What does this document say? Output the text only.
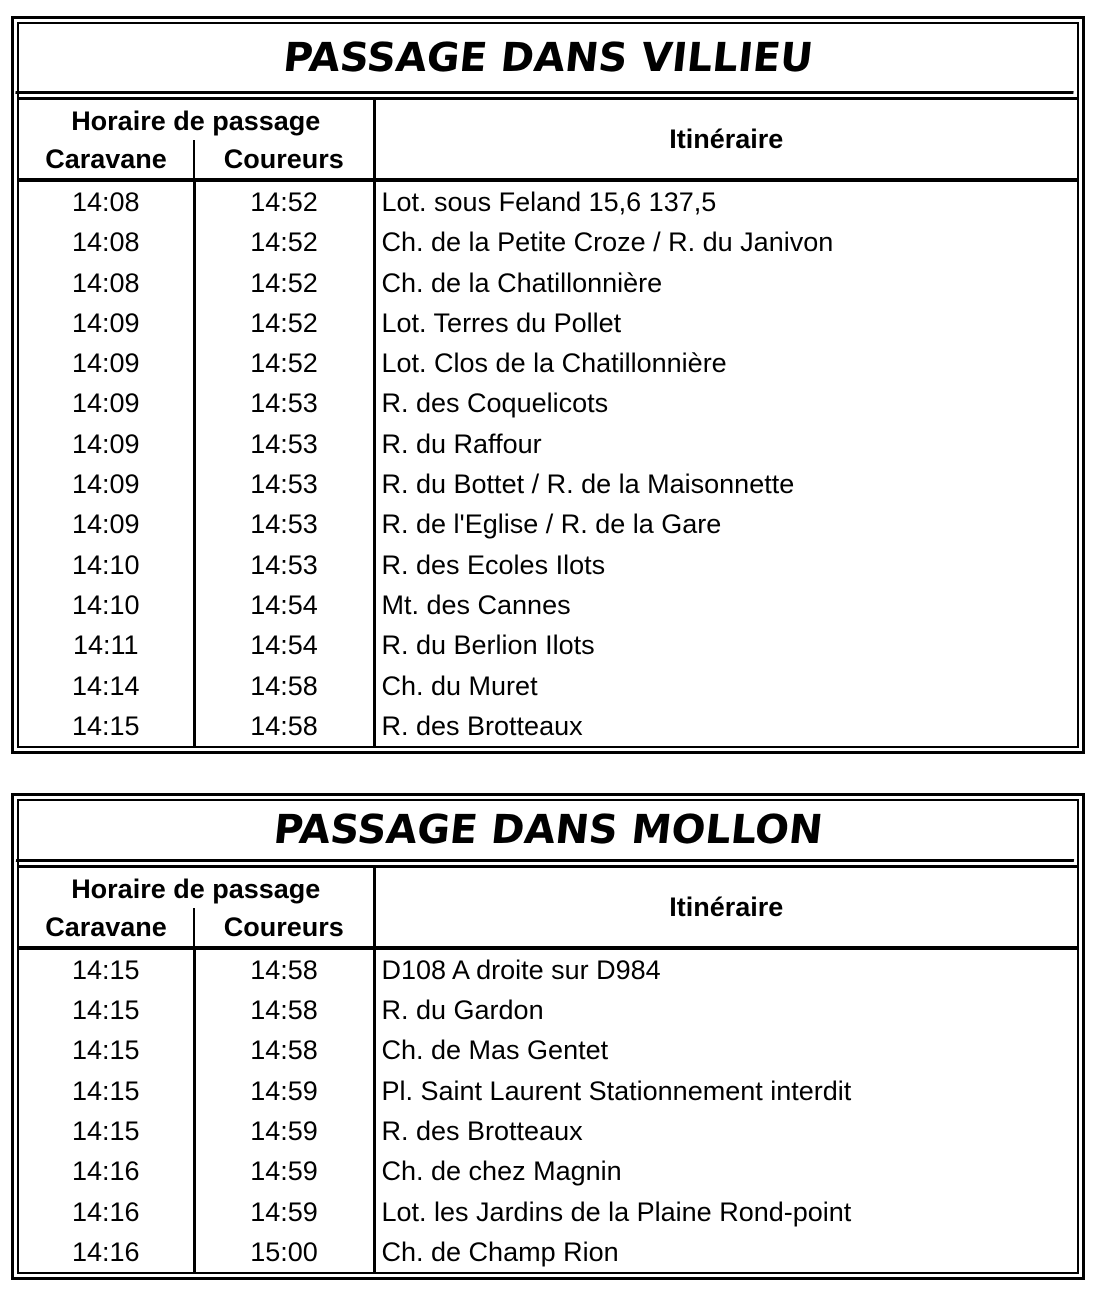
PASSAGE DANS VILLIEU
Horaire de passage		Itinéraire
Caravane	Coureurs	
14:08	14:52	Lot. sous Feland 15,6 137,5
14:08	14:52	Ch. de la Petite Croze / R. du Janivon
14:08	14:52	Ch. de la Chatillonnière
14:09	14:52	Lot. Terres du Pollet
14:09	14:52	Lot. Clos de la Chatillonnière
14:09	14:53	R. des Coquelicots
14:09	14:53	R. du Raffour
14:09	14:53	R. du Bottet / R. de la Maisonnette
14:09	14:53	R. de l'Eglise / R. de la Gare
14:10	14:53	R. des Ecoles Ilots
14:10	14:54	Mt. des Cannes
14:11	14:54	R. du Berlion Ilots
14:14	14:58	Ch. du Muret
14:15	14:58	R. des Brotteaux
PASSAGE DANS MOLLON
Horaire de passage		Itinéraire
Caravane	Coureurs	
14:15	14:58	D108 A droite sur D984
14:15	14:58	R. du Gardon
14:15	14:58	Ch. de Mas Gentet
14:15	14:59	Pl. Saint Laurent Stationnement interdit
14:15	14:59	R. des Brotteaux
14:16	14:59	Ch. de chez Magnin
14:16	14:59	Lot. les Jardins de la Plaine Rond-point
14:16	15:00	Ch. de Champ Rion
